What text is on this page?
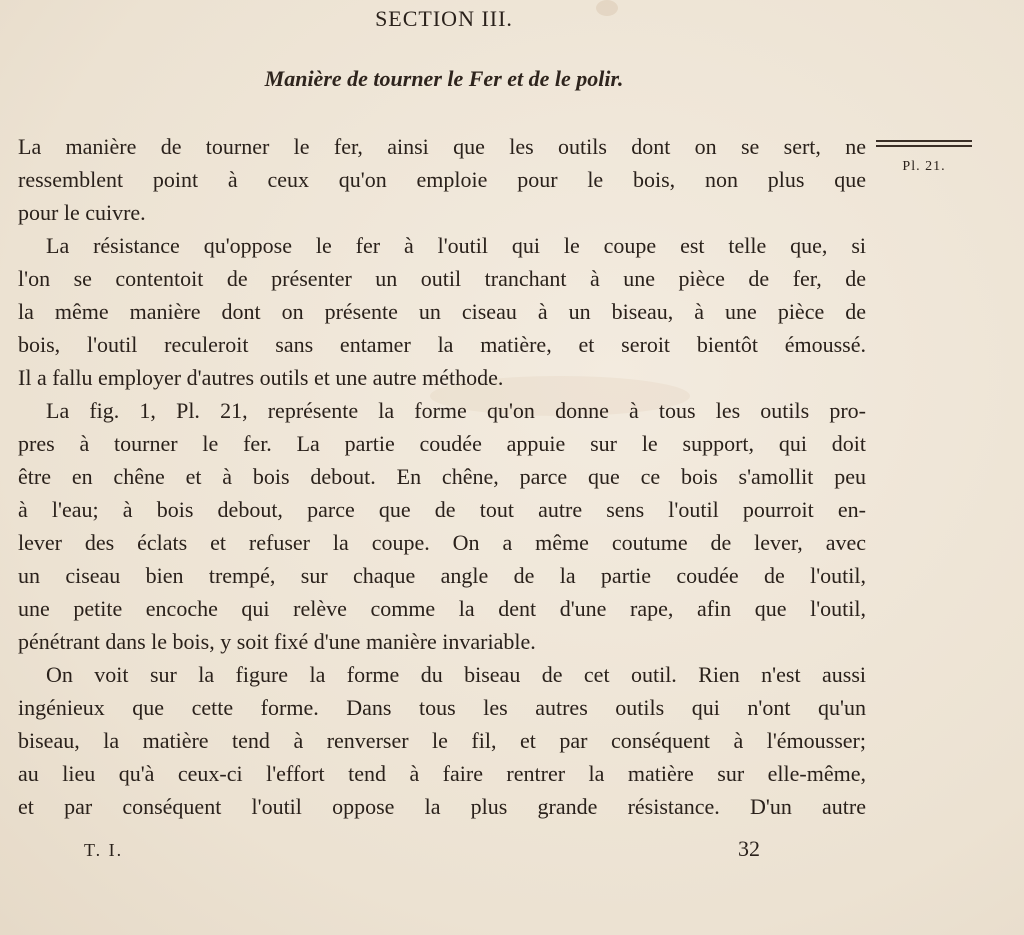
SECTION III.
Manière de tourner le Fer et de le polir.
Pl. 21.
La manière de tourner le fer, ainsi que les outils dont on se sert, ne
ressemblent point à ceux qu'on emploie pour le bois, non plus que
pour le cuivre.
La résistance qu'oppose le fer à l'outil qui le coupe est telle que, si
l'on se contentoit de présenter un outil tranchant à une pièce de fer, de
la même manière dont on présente un ciseau à un biseau, à une pièce de
bois, l'outil reculeroit sans entamer la matière, et seroit bientôt émoussé.
Il a fallu employer d'autres outils et une autre méthode.
La fig. 1, Pl. 21, représente la forme qu'on donne à tous les outils pro-
pres à tourner le fer. La partie coudée appuie sur le support, qui doit
être en chêne et à bois debout. En chêne, parce que ce bois s'amollit peu
à l'eau; à bois debout, parce que de tout autre sens l'outil pourroit en-
lever des éclats et refuser la coupe. On a même coutume de lever, avec
un ciseau bien trempé, sur chaque angle de la partie coudée de l'outil,
une petite encoche qui relève comme la dent d'une rape, afin que l'outil,
pénétrant dans le bois, y soit fixé d'une manière invariable.
On voit sur la figure la forme du biseau de cet outil. Rien n'est aussi
ingénieux que cette forme. Dans tous les autres outils qui n'ont qu'un
biseau, la matière tend à renverser le fil, et par conséquent à l'émousser;
au lieu qu'à ceux-ci l'effort tend à faire rentrer la matière sur elle-même,
et par conséquent l'outil oppose la plus grande résistance. D'un autre
T. I.	32
